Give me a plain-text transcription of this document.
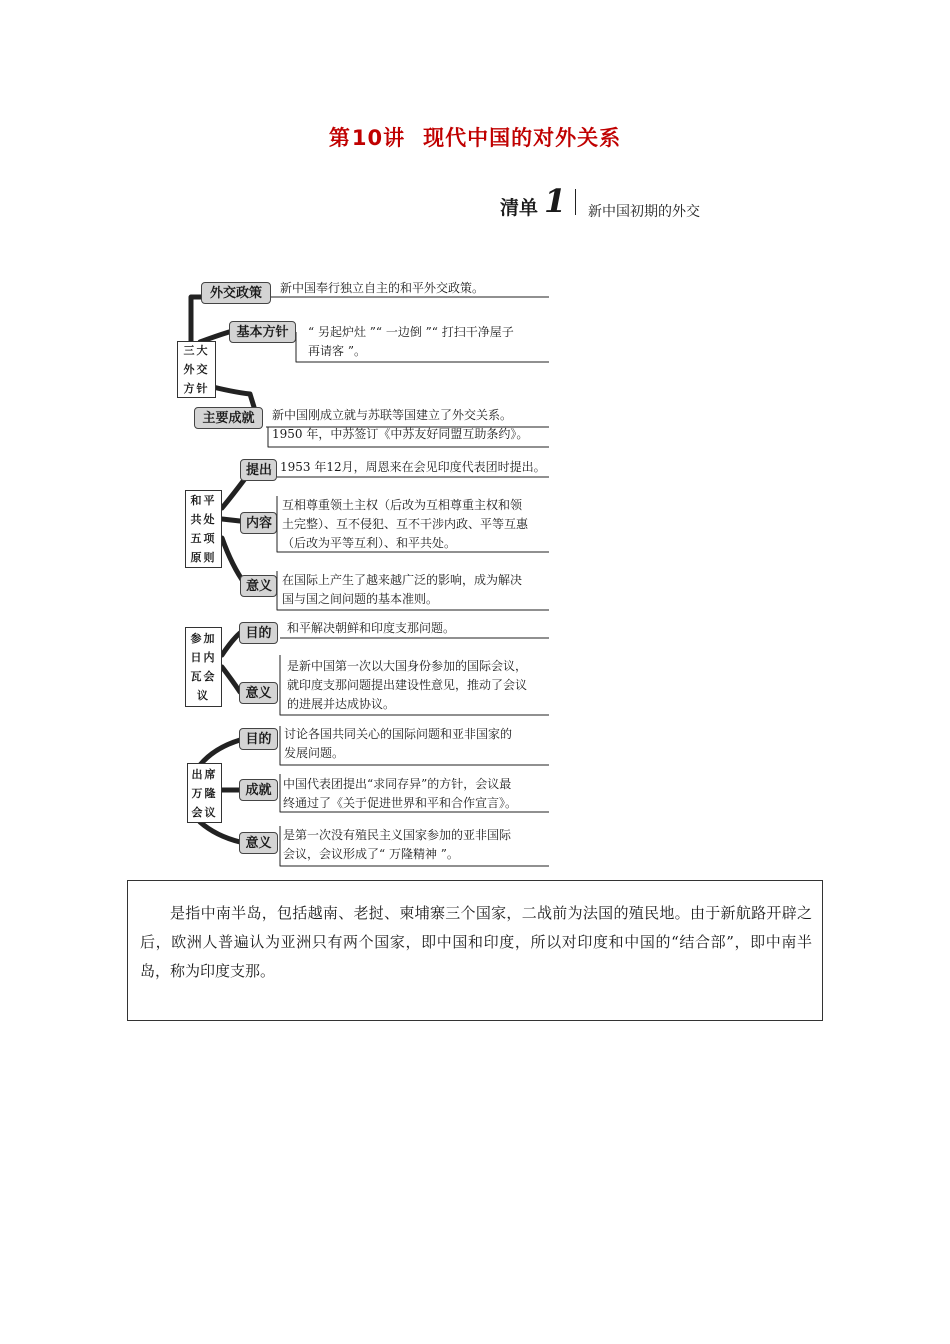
第10讲 现代中国的对外关系
清单 1 新中国初期的外交
三大
外交
方针
外交政策	新中国奉行独立自主的和平外交政策。
基本方针	“ 另起炉灶 ”“ 一边倒 ”“ 打扫干净屋子
再请客 ”。
主要成就	新中国刚成立就与苏联等国建立了外交关系。
1950 年，中苏签订《中苏友好同盟互助条约》。
和平
共处
五项
原则
提出 1953 年12月，周恩来在会见印度代表团时提出。
内容
互相尊重领土主权（后改为互相尊重主权和领
土完整）、互不侵犯、互不干涉内政、平等互惠
（后改为平等互利）、和平共处。
意义 在国际上产生了越来越广泛的影响，成为解决
国与国之间问题的基本准则。
参加
日内
瓦会
议
目的	和平解决朝鲜和印度支那问题。
意义
是新中国第一次以大国身份参加的国际会议，
就印度支那问题提出建设性意见，推动了会议
的进展并达成协议。
出席
万隆
会议
目的	讨论各国共同关心的国际问题和亚非国家的
发展问题。
成就 中国代表团提出“求同存异”的方针，会议最
终通过了《关于促进世界和平和合作宣言》。
意义
是第一次没有殖民主义国家参加的亚非国际
会议，会议形成了“ 万隆精神 ”。
是指中南半岛，包括越南、老挝、柬埔寨三个国家，二战前为法国的殖民地。由于新航路开辟之后，欧洲人普遍认为亚洲只有两个国家，即中国和印度，所以对印度和中国的“结合部”，即中南半岛，称为印度支那。
